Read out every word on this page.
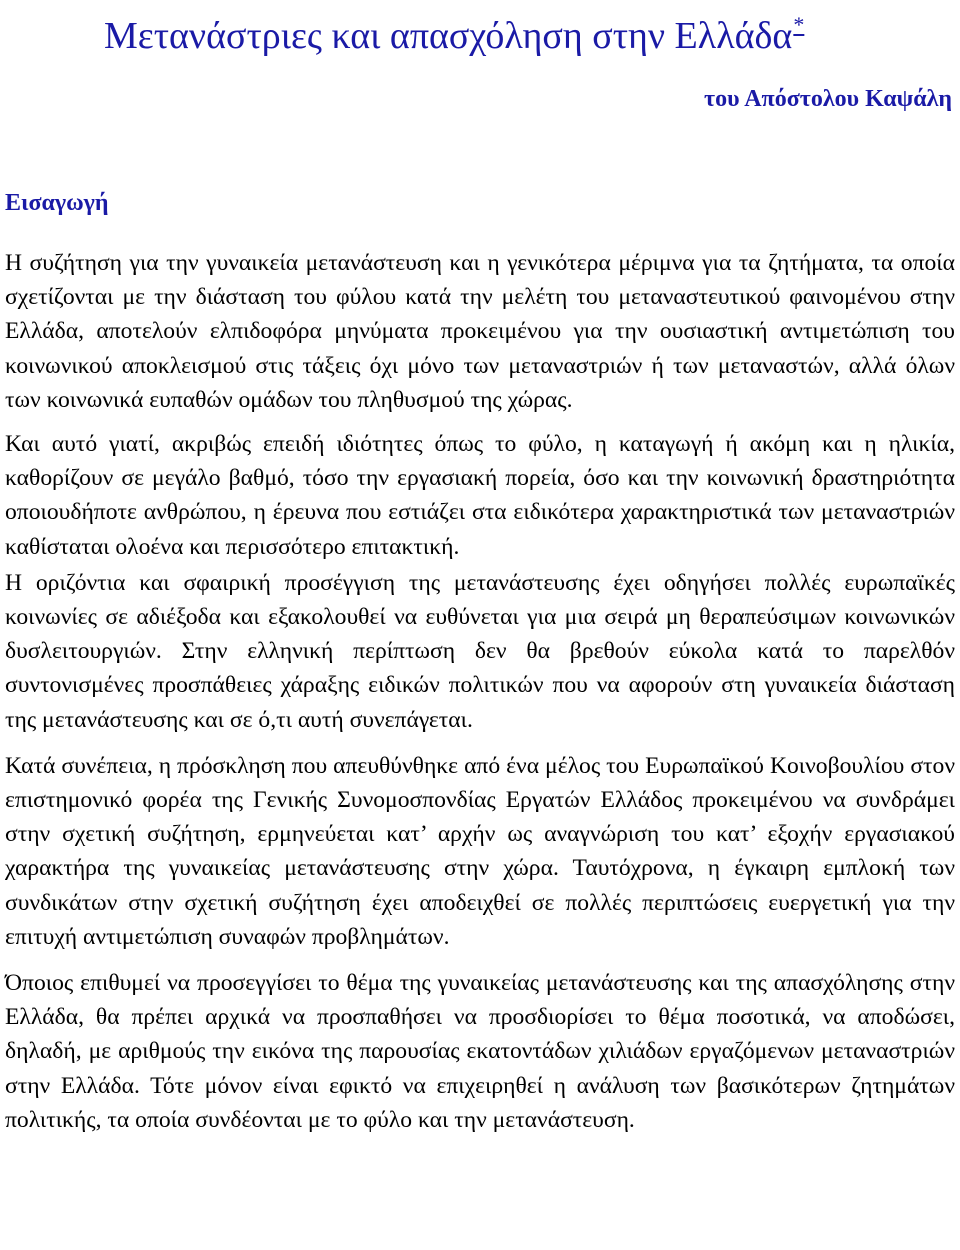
Μετανάστριες και απασχόληση στην Ελλάδα*
του Απόστολου Καψάλη
Εισαγωγή

Η συζήτηση για την γυναικεία μετανάστευση και η γενικότερα μέριμνα για τα ζητήματα, τα οποία σχετίζονται με την διάσταση του φύλου κατά την μελέτη του μεταναστευτικού φαινομένου στην Ελλάδα, αποτελούν ελπιδοφόρα μηνύματα προκειμένου για την ουσιαστική αντιμετώπιση του κοινωνικού αποκλεισμού στις τάξεις όχι μόνο των μεταναστριών ή των μεταναστών, αλλά όλων των κοινωνικά ευπαθών ομάδων του πληθυσμού της χώρας.

Και αυτό γιατί, ακριβώς επειδή ιδιότητες όπως το φύλο, η καταγωγή ή ακόμη και η ηλικία, καθορίζουν σε μεγάλο βαθμό, τόσο την εργασιακή πορεία, όσο και την κοινωνική δραστηριότητα οποιουδήποτε ανθρώπου, η έρευνα που εστιάζει στα ειδικότερα χαρακτηριστικά των μεταναστριών καθίσταται ολοένα και περισσότερο επιτακτική.

Η οριζόντια και σφαιρική προσέγγιση της μετανάστευσης έχει οδηγήσει πολλές ευρωπαϊκές κοινωνίες σε αδιέξοδα και εξακολουθεί να ευθύνεται για μια σειρά μη θεραπεύσιμων κοινωνικών δυσλειτουργιών. Στην ελληνική περίπτωση δεν θα βρεθούν εύκολα κατά το παρελθόν συντονισμένες προσπάθειες χάραξης ειδικών πολιτικών που να αφορούν στη γυναικεία διάσταση της μετανάστευσης και σε ό,τι αυτή συνεπάγεται.

Κατά συνέπεια, η πρόσκληση που απευθύνθηκε από ένα μέλος του Ευρωπαϊκού Κοινοβουλίου στον επιστημονικό φορέα της Γενικής Συνομοσπονδίας Εργατών Ελλάδος προκειμένου να συνδράμει στην σχετική συζήτηση, ερμηνεύεται κατ’ αρχήν ως αναγνώριση του κατ’ εξοχήν εργασιακού χαρακτήρα της γυναικείας μετανάστευσης στην χώρα. Ταυτόχρονα, η έγκαιρη εμπλοκή των συνδικάτων στην σχετική συζήτηση έχει αποδειχθεί σε πολλές περιπτώσεις ευεργετική για την επιτυχή αντιμετώπιση συναφών προβλημάτων.

Όποιος επιθυμεί να προσεγγίσει το θέμα της γυναικείας μετανάστευσης και της απασχόλησης στην Ελλάδα, θα πρέπει αρχικά να προσπαθήσει να προσδιορίσει το θέμα ποσοτικά, να αποδώσει, δηλαδή, με αριθμούς την εικόνα της παρουσίας εκατοντάδων χιλιάδων εργαζόμενων μεταναστριών στην Ελλάδα. Τότε μόνον είναι εφικτό να επιχειρηθεί η ανάλυση των βασικότερων ζητημάτων πολιτικής, τα οποία συνδέονται με το φύλο και την μετανάστευση.
